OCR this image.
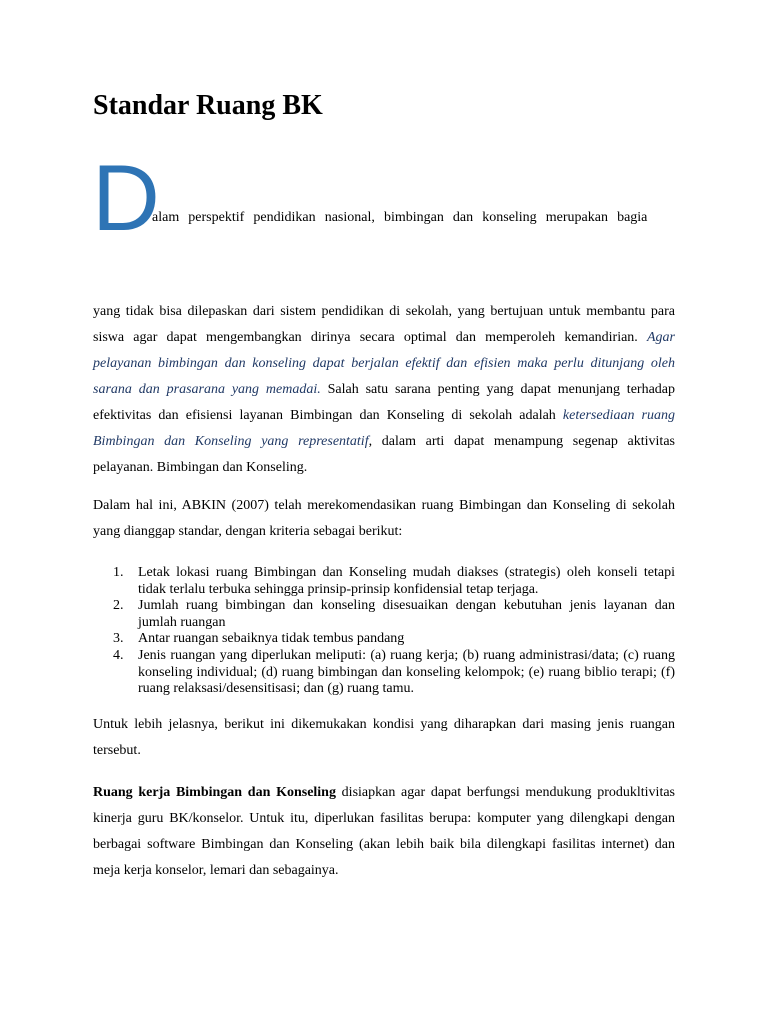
Standar Ruang BK
D
alam perspektif pendidikan nasional, bimbingan dan konseling merupakan bagia

yang tidak bisa dilepaskan dari sistem pendidikan di sekolah, yang bertujuan untuk membantu para siswa agar dapat mengembangkan dirinya secara optimal dan memperoleh kemandirian. Agar pelayanan bimbingan dan konseling dapat berjalan efektif dan efisien maka perlu ditunjang oleh sarana dan prasarana yang memadai. Salah satu sarana penting yang dapat menunjang terhadap efektivitas dan efisiensi layanan Bimbingan dan Konseling di sekolah adalah ketersediaan ruang Bimbingan dan Konseling yang representatif, dalam arti dapat menampung segenap aktivitas pelayanan. Bimbingan dan Konseling.

Dalam hal ini, ABKIN (2007) telah merekomendasikan ruang Bimbingan dan Konseling di sekolah yang dianggap standar, dengan kriteria sebagai berikut:

1. Letak lokasi ruang Bimbingan dan Konseling mudah diakses (strategis) oleh konseli tetapi tidak terlalu terbuka sehingga prinsip-prinsip konfidensial tetap terjaga.
2. Jumlah ruang bimbingan dan konseling disesuaikan dengan kebutuhan jenis layanan dan jumlah ruangan
3. Antar ruangan sebaiknya tidak tembus pandang
4. Jenis ruangan yang diperlukan meliputi: (a) ruang kerja; (b) ruang administrasi/data; (c) ruang konseling individual; (d) ruang bimbingan dan konseling kelompok; (e) ruang biblio terapi; (f) ruang relaksasi/desensitisasi; dan (g) ruang tamu.

Untuk lebih jelasnya, berikut ini dikemukakan kondisi yang diharapkan dari masing jenis ruangan tersebut.

Ruang kerja Bimbingan dan Konseling disiapkan agar dapat berfungsi mendukung produkltivitas kinerja guru BK/konselor. Untuk itu, diperlukan fasilitas berupa: komputer yang dilengkapi dengan berbagai software Bimbingan dan Konseling (akan lebih baik bila dilengkapi fasilitas internet) dan meja kerja konselor, lemari dan sebagainya.
